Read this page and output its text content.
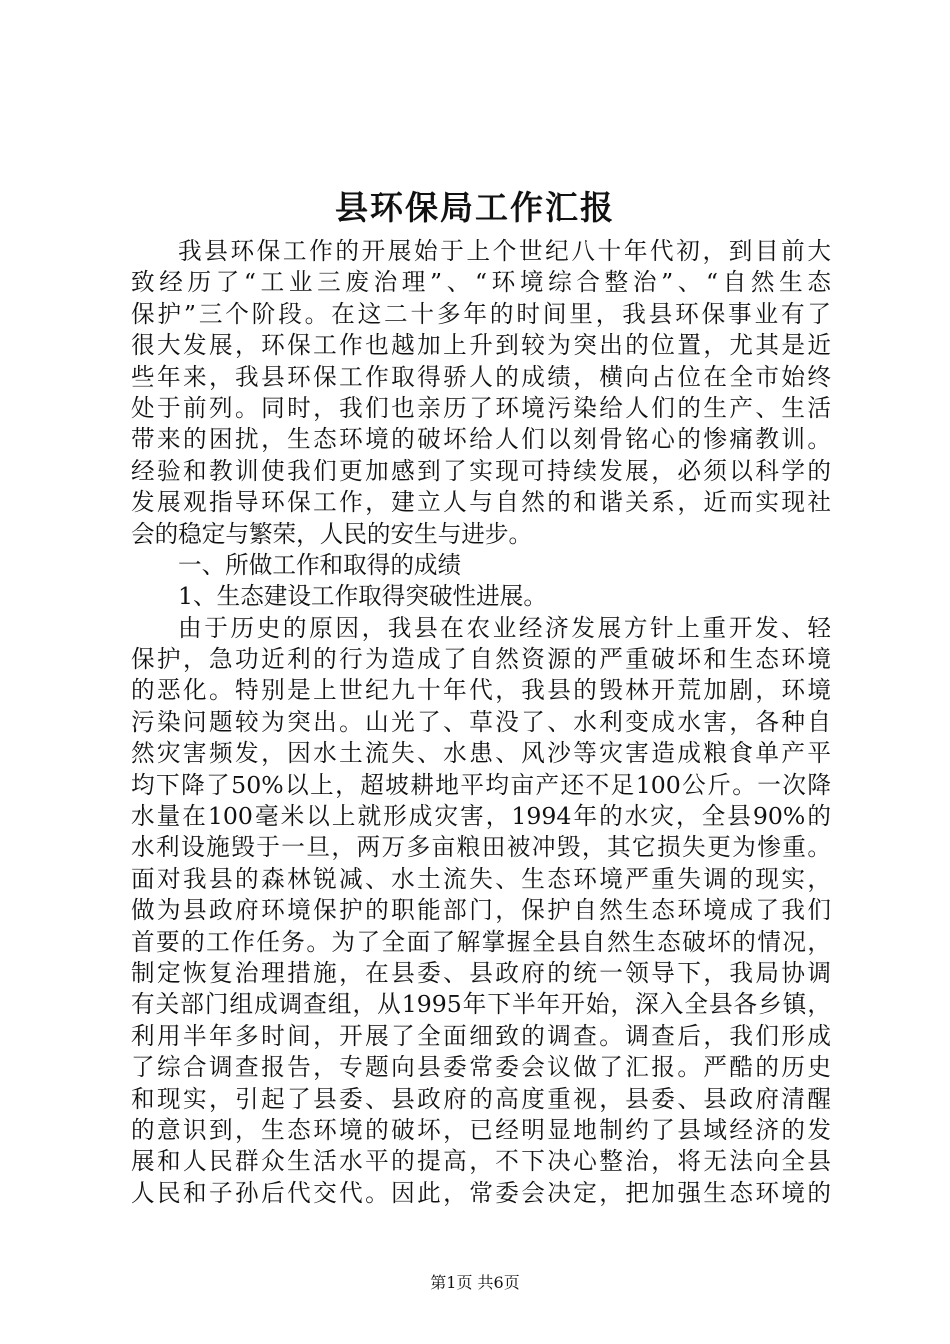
县环保局工作汇报
我县环保工作的开展始于上个世纪八十年代初，到目前大
致经历了“工业三废治理”、“环境综合整治”、“自然生态
保护”三个阶段。在这二十多年的时间里，我县环保事业有了
很大发展，环保工作也越加上升到较为突出的位置，尤其是近
些年来，我县环保工作取得骄人的成绩，横向占位在全市始终
处于前列。同时，我们也亲历了环境污染给人们的生产、生活
带来的困扰，生态环境的破坏给人们以刻骨铭心的惨痛教训。
经验和教训使我们更加感到了实现可持续发展，必须以科学的
发展观指导环保工作，建立人与自然的和谐关系，近而实现社
会的稳定与繁荣，人民的安生与进步。
一、所做工作和取得的成绩
1、生态建设工作取得突破性进展。
由于历史的原因，我县在农业经济发展方针上重开发、轻
保护，急功近利的行为造成了自然资源的严重破坏和生态环境
的恶化。特别是上世纪九十年代，我县的毁林开荒加剧，环境
污染问题较为突出。山光了、草没了、水利变成水害，各种自
然灾害频发，因水土流失、水患、风沙等灾害造成粮食单产平
均下降了50%以上，超坡耕地平均亩产还不足100公斤。一次降
水量在100毫米以上就形成灾害，1994年的水灾，全县90%的
水利设施毁于一旦，两万多亩粮田被冲毁，其它损失更为惨重。
面对我县的森林锐减、水土流失、生态环境严重失调的现实，
做为县政府环境保护的职能部门，保护自然生态环境成了我们
首要的工作任务。为了全面了解掌握全县自然生态破坏的情况，
制定恢复治理措施，在县委、县政府的统一领导下，我局协调
有关部门组成调查组，从1995年下半年开始，深入全县各乡镇，
利用半年多时间，开展了全面细致的调查。调查后，我们形成
了综合调查报告，专题向县委常委会议做了汇报。严酷的历史
和现实，引起了县委、县政府的高度重视，县委、县政府清醒
的意识到，生态环境的破坏，已经明显地制约了县域经济的发
展和人民群众生活水平的提高，不下决心整治，将无法向全县
人民和子孙后代交代。因此，常委会决定，把加强生态环境的
第1页 共6页
